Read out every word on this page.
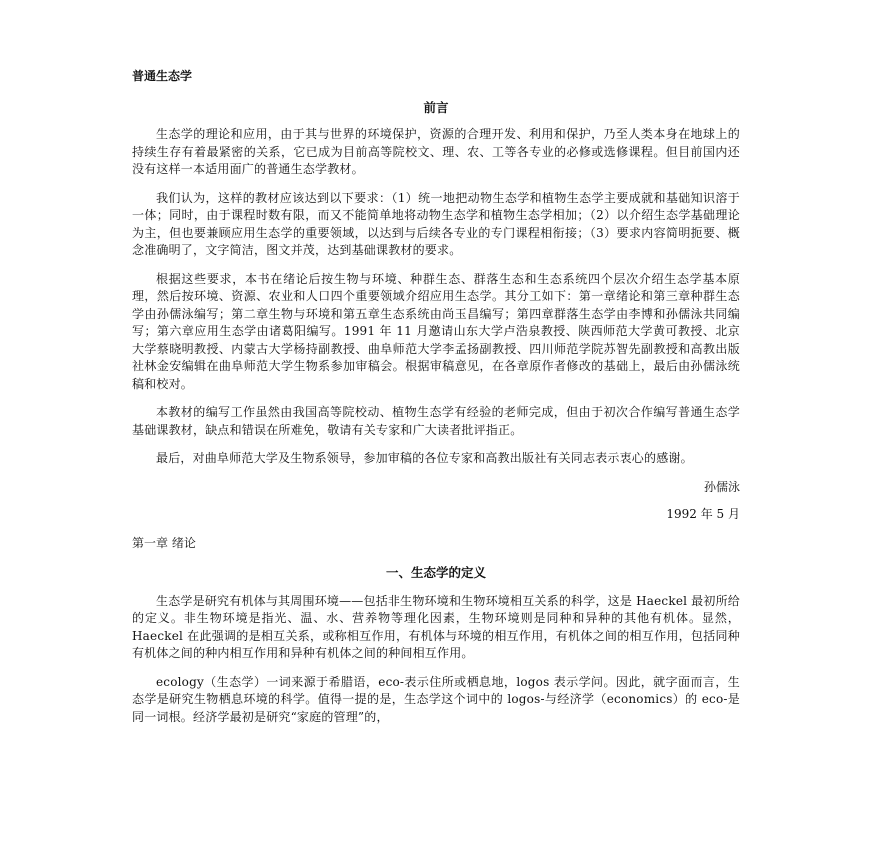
普通生态学
前言

生态学的理论和应用，由于其与世界的环境保护，资源的合理开发、利用和保护，乃至人类本身在地球上的持续生存有着最紧密的关系，它已成为目前高等院校文、理、农、工等各专业的必修或选修课程。但目前国内还没有这样一本适用面广的普通生态学教材。

我们认为，这样的教材应该达到以下要求：（1）统一地把动物生态学和植物生态学主要成就和基础知识溶于一体；同时，由于课程时数有限，而又不能简单地将动物生态学和植物生态学相加；（2）以介绍生态学基础理论为主，但也要兼顾应用生态学的重要领域，以达到与后续各专业的专门课程相衔接；（3）要求内容简明扼要、概念准确明了，文字简洁，图文并茂，达到基础课教材的要求。

根据这些要求，本书在绪论后按生物与环境、种群生态、群落生态和生态系统四个层次介绍生态学基本原理，然后按环境、资源、农业和人口四个重要领域介绍应用生态学。其分工如下：第一章绪论和第三章种群生态学由孙儒泳编写；第二章生物与环境和第五章生态系统由尚玉昌编写；第四章群落生态学由李博和孙儒泳共同编写；第六章应用生态学由诸葛阳编写。1991 年 11 月邀请山东大学卢浩泉教授、陕西师范大学黄可教授、北京大学蔡晓明教授、内蒙古大学杨持副教授、曲阜师范大学李孟扬副教授、四川师范学院苏智先副教授和高教出版社林金安编辑在曲阜师范大学生物系参加审稿会。根据审稿意见，在各章原作者修改的基础上，最后由孙儒泳统稿和校对。

本教材的编写工作虽然由我国高等院校动、植物生态学有经验的老师完成，但由于初次合作编写普通生态学基础课教材，缺点和错误在所难免，敬请有关专家和广大读者批评指正。

最后，对曲阜师范大学及生物系领导，参加审稿的各位专家和高教出版社有关同志表示衷心的感谢。

孙儒泳

1992 年 5 月

第一章 绪论
一、生态学的定义

生态学是研究有机体与其周围环境——包括非生物环境和生物环境相互关系的科学，这是 Haeckel 最初所给的定义。非生物环境是指光、温、水、营养物等理化因素，生物环境则是同种和异种的其他有机体。显然，Haeckel 在此强调的是相互关系，或称相互作用，有机体与环境的相互作用，有机体之间的相互作用，包括同种有机体之间的种内相互作用和异种有机体之间的种间相互作用。

ecology（生态学）一词来源于希腊语，eco-表示住所或栖息地，logos 表示学问。因此，就字面而言，生态学是研究生物栖息环境的科学。值得一提的是，生态学这个词中的 logos-与经济学（economics）的 eco-是同一词根。经济学最初是研究“家庭的管理”的，
